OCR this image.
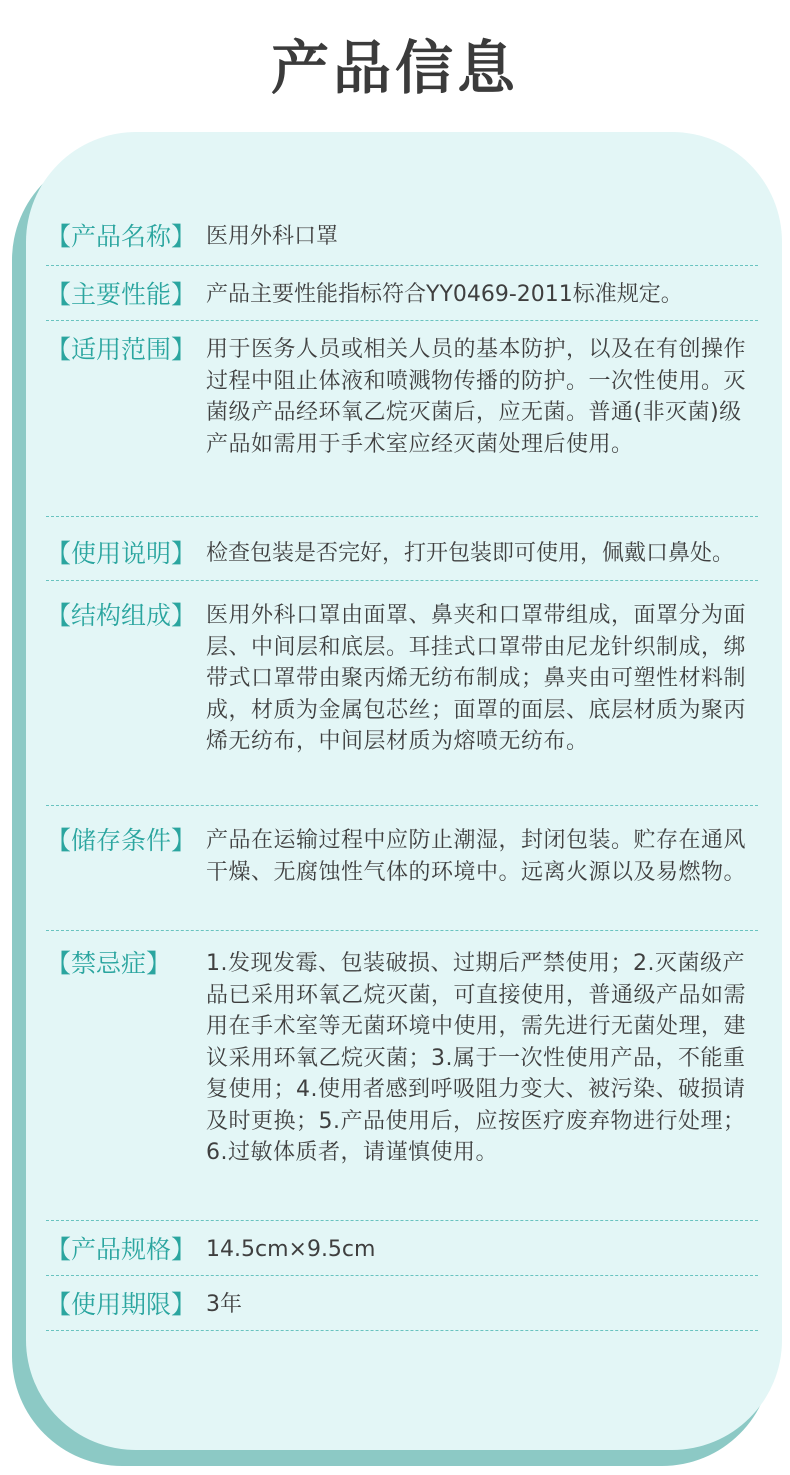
产品信息
【产品名称】 医用外科口罩
【主要性能】 产品主要性能指标符合YY0469-2011标准规定。
【适用范围】 用于医务人员或相关人员的基本防护，以及在有创操作过程中阻止体液和喷溅物传播的防护。一次性使用。灭菌级产品经环氧乙烷灭菌后，应无菌。普通(非灭菌)级产品如需用于手术室应经灭菌处理后使用。
【使用说明】 检查包装是否完好，打开包装即可使用，佩戴口鼻处。
【结构组成】 医用外科口罩由面罩、鼻夹和口罩带组成，面罩分为面层、中间层和底层。耳挂式口罩带由尼龙针织制成，绑带式口罩带由聚丙烯无纺布制成；鼻夹由可塑性材料制成，材质为金属包芯丝；面罩的面层、底层材质为聚丙烯无纺布，中间层材质为熔喷无纺布。
【储存条件】 产品在运输过程中应防止潮湿，封闭包装。贮存在通风干燥、无腐蚀性气体的环境中。远离火源以及易燃物。
【禁忌症】	1.发现发霉、包装破损、过期后严禁使用；2.灭菌级产品已采用环氧乙烷灭菌，可直接使用，普通级产品如需用在手术室等无菌环境中使用，需先进行无菌处理，建议采用环氧乙烷灭菌；3.属于一次性使用产品，不能重复使用；4.使用者感到呼吸阻力变大、被污染、破损请及时更换；5.产品使用后，应按医疗废弃物进行处理；6.过敏体质者，请谨慎使用。
【产品规格】 14.5cm×9.5cm
【使用期限】 3年
